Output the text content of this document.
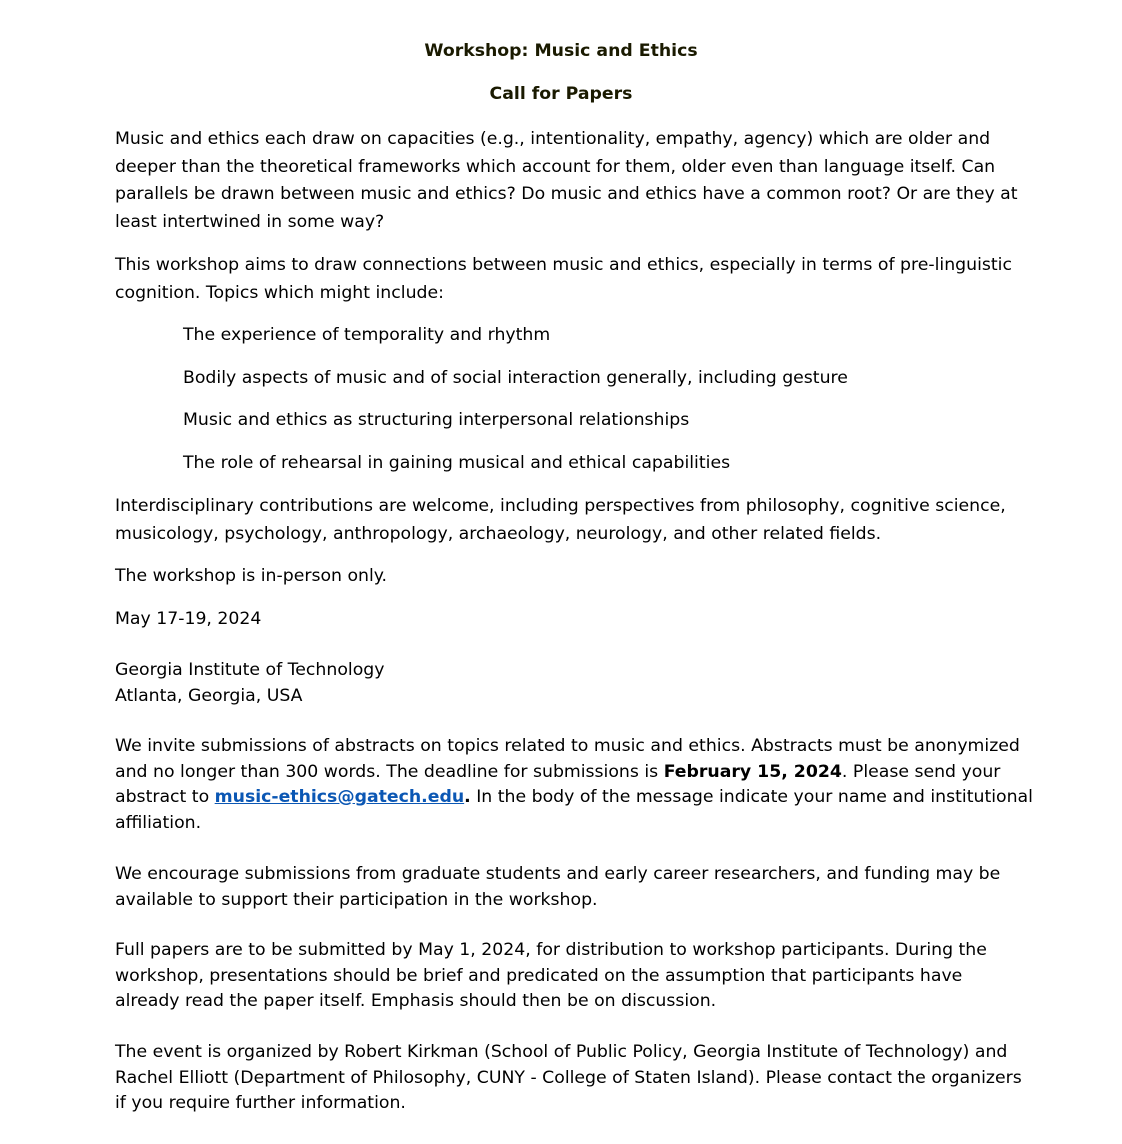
Workshop: Music and Ethics

Call for Papers

Music and ethics each draw on capacities (e.g., intentionality, empathy, agency) which are older and
deeper than the theoretical frameworks which account for them, older even than language itself. Can
parallels be drawn between music and ethics? Do music and ethics have a common root? Or are they at
least intertwined in some way?
This workshop aims to draw connections between music and ethics, especially in terms of pre-linguistic
cognition. Topics which might include:

The experience of temporality and rhythm

Bodily aspects of music and of social interaction generally, including gesture

Music and ethics as structuring interpersonal relationships

The role of rehearsal in gaining musical and ethical capabilities

Interdisciplinary contributions are welcome, including perspectives from philosophy, cognitive science,
musicology, psychology, anthropology, archaeology, neurology, and other related fields.

The workshop is in-person only.

May 17-19, 2024

Georgia Institute of Technology
Atlanta, Georgia, USA
We invite submissions of abstracts on topics related to music and ethics. Abstracts must be anonymized
and no longer than 300 words. The deadline for submissions is February 15, 2024. Please send your
abstract to music-ethics@gatech.edu. In the body of the message indicate your name and institutional
affiliation.
We encourage submissions from graduate students and early career researchers, and funding may be
available to support their participation in the workshop.
Full papers are to be submitted by May 1, 2024, for distribution to workshop participants. During the
workshop, presentations should be brief and predicated on the assumption that participants have
already read the paper itself. Emphasis should then be on discussion.
The event is organized by Robert Kirkman (School of Public Policy, Georgia Institute of Technology) and
Rachel Elliott (Department of Philosophy, CUNY - College of Staten Island). Please contact the organizers
if you require further information.
